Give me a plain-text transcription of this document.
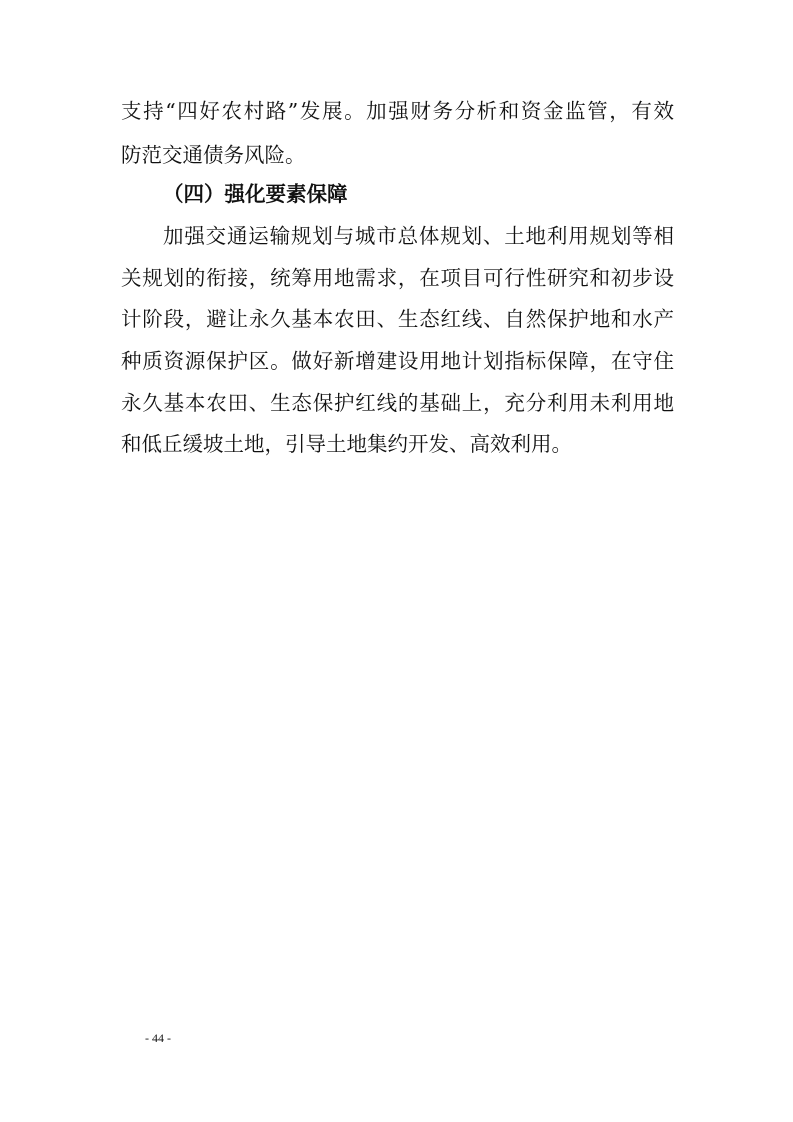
支持“四好农村路”发展。加强财务分析和资金监管，有效
防范交通债务风险。
（四）强化要素保障
加强交通运输规划与城市总体规划、土地利用规划等相
关规划的衔接，统筹用地需求，在项目可行性研究和初步设
计阶段，避让永久基本农田、生态红线、自然保护地和水产
种质资源保护区。做好新增建设用地计划指标保障，在守住
永久基本农田、生态保护红线的基础上，充分利用未利用地
和低丘缓坡土地，引导土地集约开发、高效利用。
- 44 -
